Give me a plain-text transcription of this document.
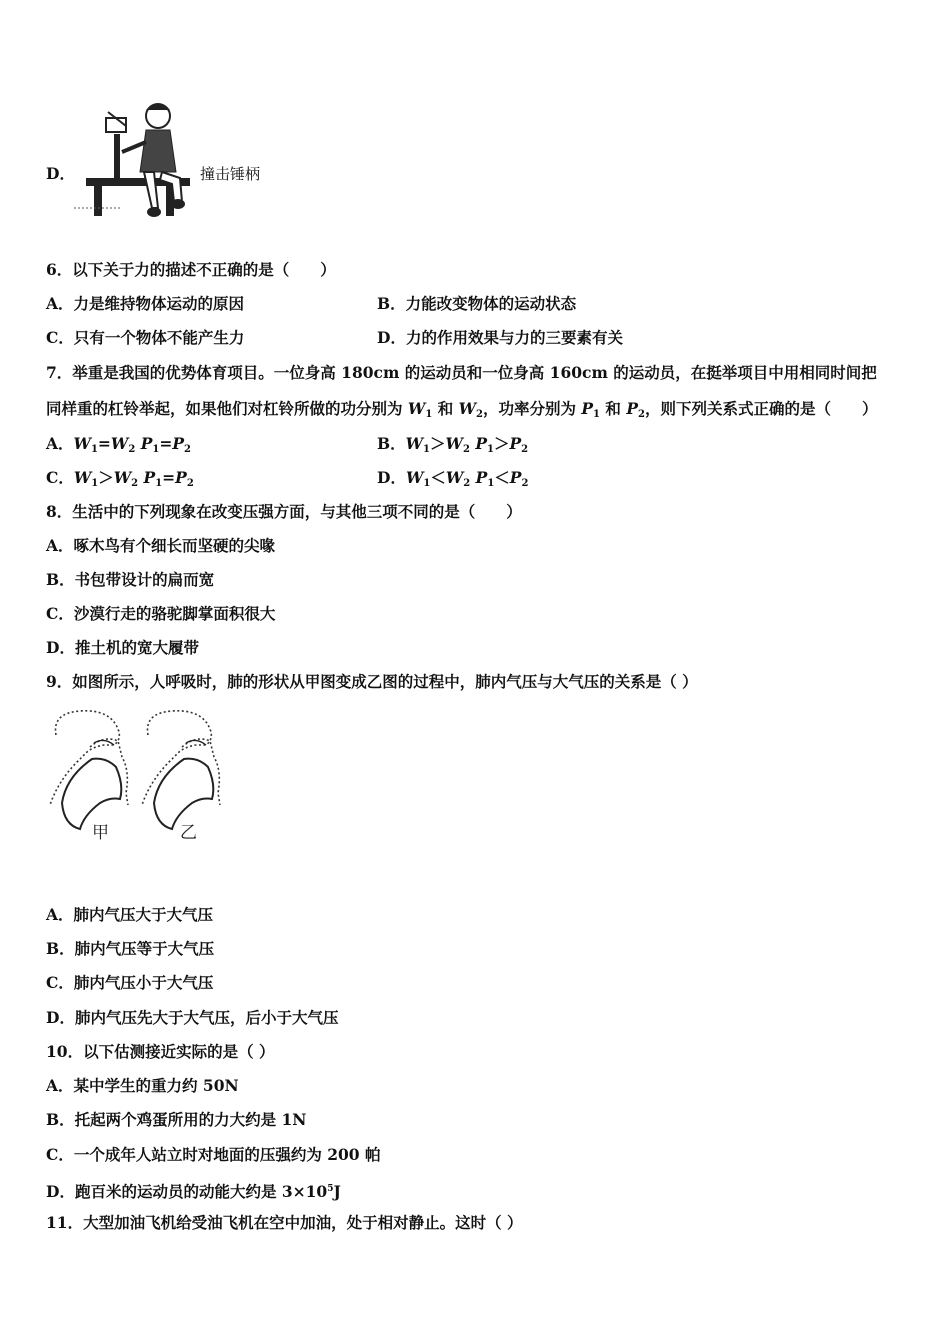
D．	撞击锤柄
6．以下关于力的描述不正确的是（　　）
A．力是维持物体运动的原因	B．力能改变物体的运动状态
C．只有一个物体不能产生力	D．力的作用效果与力的三要素有关
7．举重是我国的优势体育项目。一位身高 180cm 的运动员和一位身高 160cm 的运动员，在挺举项目中用相同时间把
同样重的杠铃举起，如果他们对杠铃所做的功分别为 $W_1$ 和 $W_2$，功率分别为 $P_1$ 和 $P_2$，则下列关系式正确的是（　　）
A．$W_1=W_2$ $P_1=P_2$	B．$W_1>W_2$ $P_1>P_2$
C．$W_1>W_2$ $P_1=P_2$	D．$W_1<W_2$ $P_1<P_2$
8．生活中的下列现象在改变压强方面，与其他三项不同的是（　　）
A．啄木鸟有个细长而坚硬的尖喙
B．书包带设计的扁而宽
C．沙漠行走的骆驼脚掌面积很大
D．推土机的宽大履带
9．如图所示，人呼吸时，肺的形状从甲图变成乙图的过程中，肺内气压与大气压的关系是（ ）
甲	乙
A．肺内气压大于大气压
B．肺内气压等于大气压
C．肺内气压小于大气压
D．肺内气压先大于大气压，后小于大气压
10．以下估测接近实际的是（ ）
A．某中学生的重力约 50N
B．托起两个鸡蛋所用的力大约是 1N
C．一个成年人站立时对地面的压强约为 200 帕
D．跑百米的运动员的动能大约是 $3\times 10^5J$
11．大型加油飞机给受油飞机在空中加油，处于相对静止。这时（ ）
